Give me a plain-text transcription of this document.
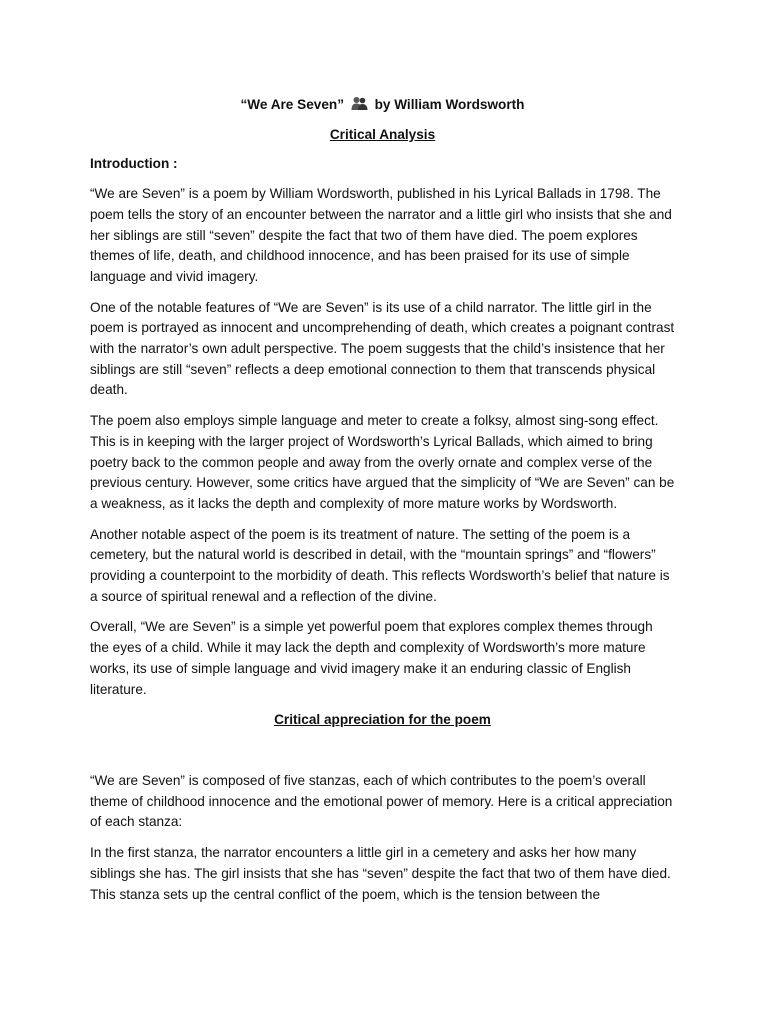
“We Are Seven” by William Wordsworth
Critical Analysis
Introduction :

“We are Seven” is a poem by William Wordsworth, published in his Lyrical Ballads in 1798. The poem tells the story of an encounter between the narrator and a little girl who insists that she and her siblings are still “seven” despite the fact that two of them have died. The poem explores themes of life, death, and childhood innocence, and has been praised for its use of simple language and vivid imagery.

One of the notable features of “We are Seven” is its use of a child narrator. The little girl in the poem is portrayed as innocent and uncomprehending of death, which creates a poignant contrast with the narrator’s own adult perspective. The poem suggests that the child’s insistence that her siblings are still “seven” reflects a deep emotional connection to them that transcends physical death.

The poem also employs simple language and meter to create a folksy, almost sing-song effect. This is in keeping with the larger project of Wordsworth’s Lyrical Ballads, which aimed to bring poetry back to the common people and away from the overly ornate and complex verse of the previous century. However, some critics have argued that the simplicity of “We are Seven” can be a weakness, as it lacks the depth and complexity of more mature works by Wordsworth.

Another notable aspect of the poem is its treatment of nature. The setting of the poem is a cemetery, but the natural world is described in detail, with the “mountain springs” and “flowers” providing a counterpoint to the morbidity of death. This reflects Wordsworth’s belief that nature is a source of spiritual renewal and a reflection of the divine.

Overall, “We are Seven” is a simple yet powerful poem that explores complex themes through the eyes of a child. While it may lack the depth and complexity of Wordsworth’s more mature works, its use of simple language and vivid imagery make it an enduring classic of English literature.

Critical appreciation for the poem

“We are Seven” is composed of five stanzas, each of which contributes to the poem’s overall theme of childhood innocence and the emotional power of memory. Here is a critical appreciation of each stanza:

In the first stanza, the narrator encounters a little girl in a cemetery and asks her how many siblings she has. The girl insists that she has “seven” despite the fact that two of them have died. This stanza sets up the central conflict of the poem, which is the tension between the
